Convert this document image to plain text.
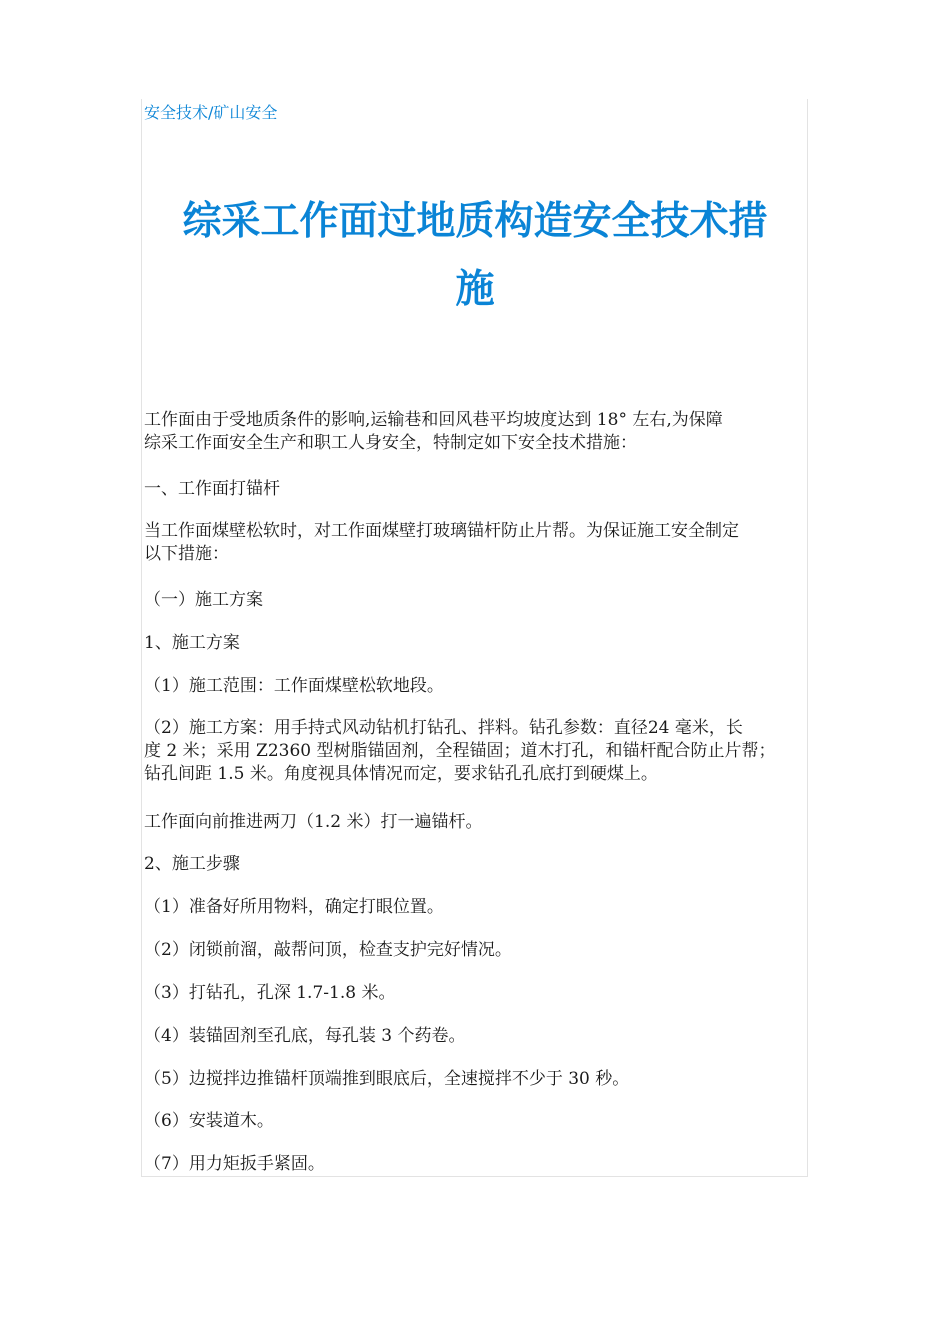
安全技术/矿山安全
综采工作面过地质构造安全技术措
施
工作面由于受地质条件的影响,运输巷和回风巷平均坡度达到 18° 左右,为保障
综采工作面安全生产和职工人身安全，特制定如下安全技术措施：
一、工作面打锚杆
当工作面煤壁松软时，对工作面煤壁打玻璃锚杆防止片帮。为保证施工安全制定
以下措施：
（一）施工方案
1、施工方案
（1）施工范围：工作面煤壁松软地段。
（2）施工方案：用手持式风动钻机打钻孔、拌料。钻孔参数：直径24 毫米，长
度 2 米；采用 Z2360 型树脂锚固剂，全程锚固；道木打孔，和锚杆配合防止片帮；
钻孔间距 1.5 米。角度视具体情况而定，要求钻孔孔底打到硬煤上。
工作面向前推进两刀（1.2 米）打一遍锚杆。
2、施工步骤
（1）准备好所用物料，确定打眼位置。
（2）闭锁前溜，敲帮问顶，检查支护完好情况。
（3）打钻孔，孔深 1.7-1.8 米。
（4）装锚固剂至孔底，每孔装 3 个药卷。
（5）边搅拌边推锚杆顶端推到眼底后，全速搅拌不少于 30 秒。
（6）安装道木。
（7）用力矩扳手紧固。
